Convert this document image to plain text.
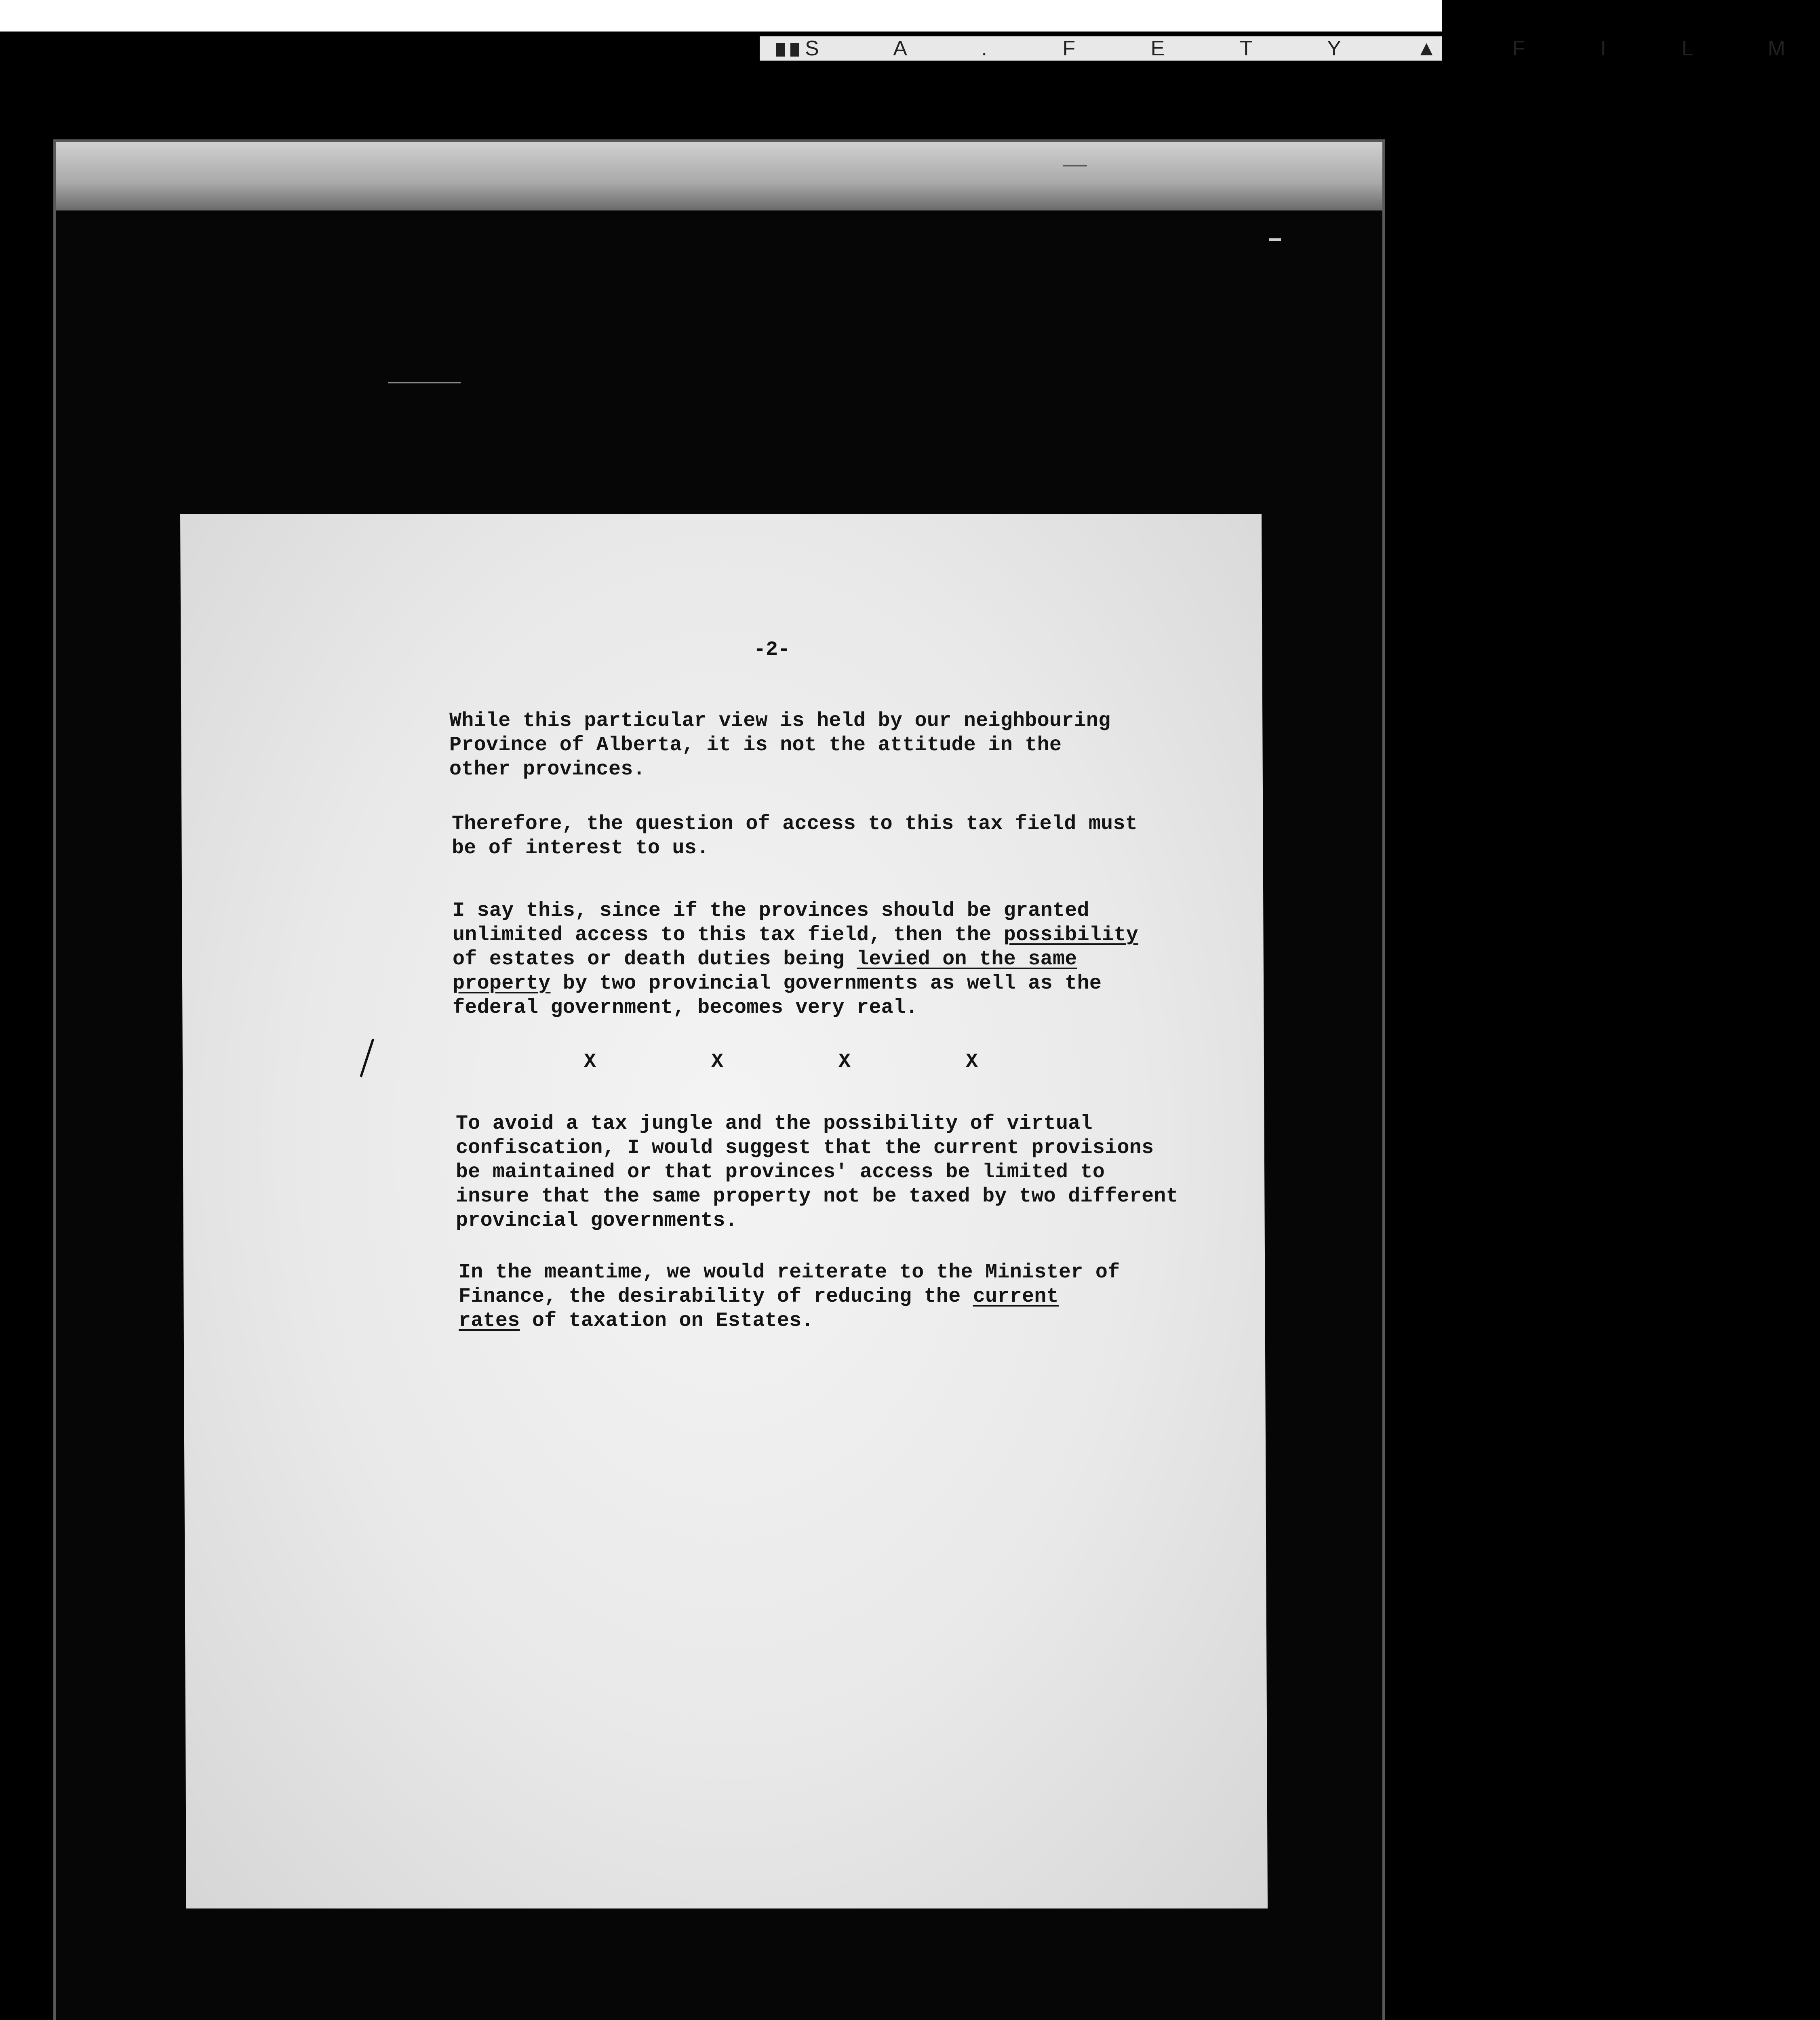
S A . F E T Y ▲ F I L M
-2-

While this particular view is held by our neighbouring
Province of Alberta, it is not the attitude in the
other provinces.

Therefore, the question of access to this tax field must
be of interest to us.

I say this, since if the provinces should be granted
unlimited access to this tax field, then the possibility
of estates or death duties being levied on the same
property by two provincial governments as well as the
federal government, becomes very real.

X	X	X	X

To avoid a tax jungle and the possibility of virtual
confiscation, I would suggest that the current provisions
be maintained or that provinces' access be limited to
insure that the same property not be taxed by two different
provincial governments.

In the meantime, we would reiterate to the Minister of
Finance, the desirability of reducing the current
rates of taxation on Estates.
